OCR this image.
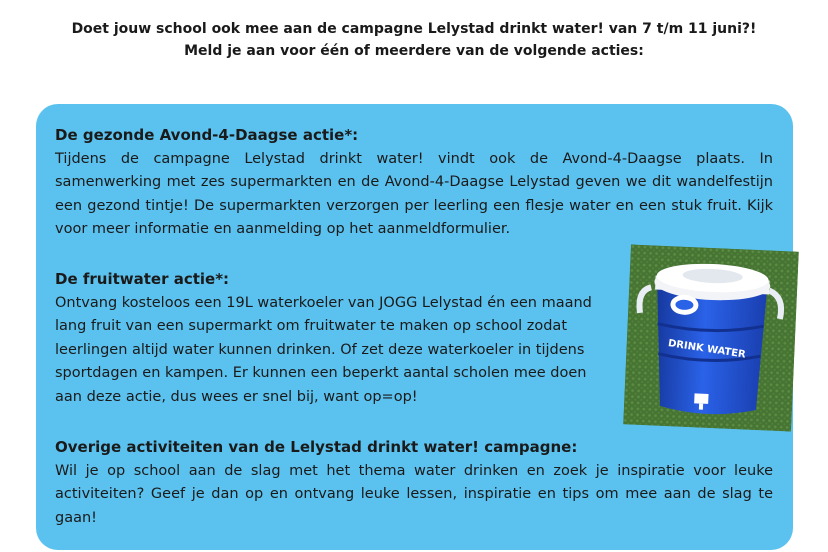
Doet jouw school ook mee aan de campagne Lelystad drinkt water! van 7 t/m 11 juni?!
Meld je aan voor één of meerdere van de volgende acties:
De gezonde Avond-4-Daagse actie*:

Tijdens de campagne Lelystad drinkt water! vindt ook de Avond-4-Daagse plaats. In samenwerking met zes supermarkten en de Avond-4-Daagse Lelystad geven we dit wandelfestijn een gezond tintje! De supermarkten verzorgen per leerling een flesje water en een stuk fruit. Kijk voor meer informatie en aanmelding op het aanmeldformulier.

De fruitwater actie*:

Ontvang kosteloos een 19L waterkoeler van JOGG Lelystad én een maand lang fruit van een supermarkt om fruitwater te maken op school zodat leerlingen altijd water kunnen drinken. Of zet deze waterkoeler in tijdens sportdagen en kampen. Er kunnen een beperkt aantal scholen mee doen aan deze actie, dus wees er snel bij, want op=op!

Overige activiteiten van de Lelystad drinkt water! campagne:

Wil je op school aan de slag met het thema water drinken en zoek je inspiratie voor leuke activiteiten? Geef je dan op en ontvang leuke lessen, inspiratie en tips om mee aan de slag te gaan!

DRINK WATER
